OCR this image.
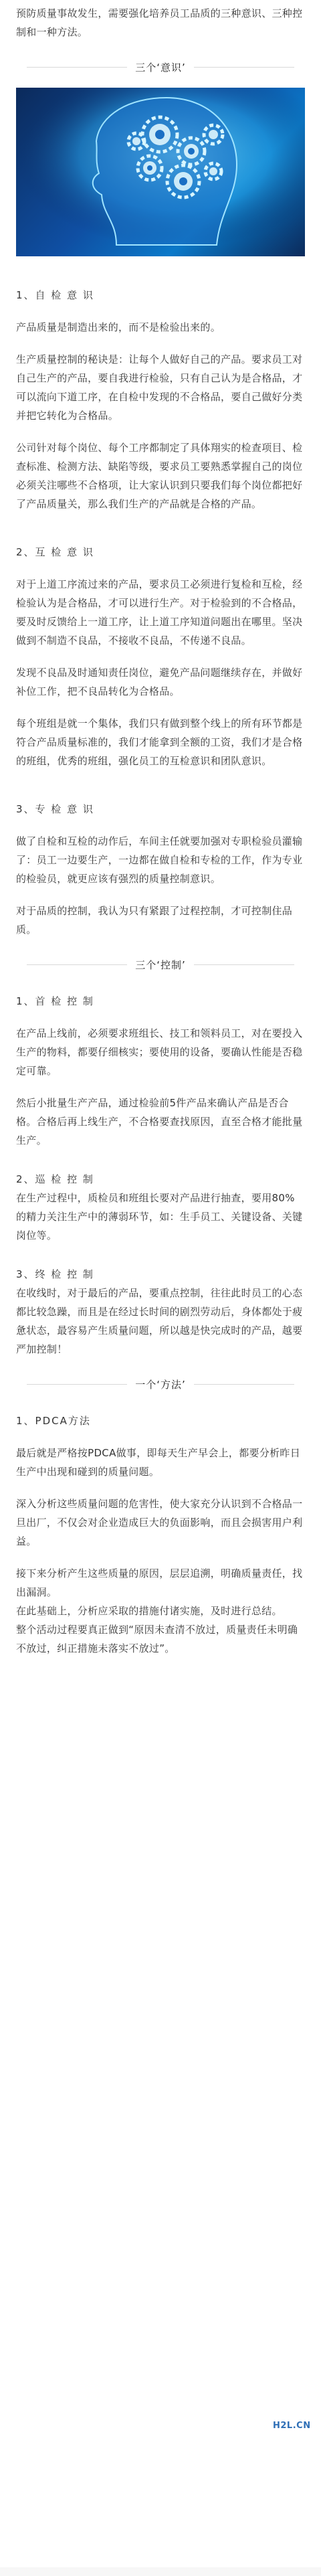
预防质量事故发生，需要强化培养员工品质的三种意识、三种控制和一种方法。

三个‘意识’
1、自 检 意 识

产品质量是制造出来的，而不是检验出来的。

生产质量控制的秘诀是：让每个人做好自己的产品。要求员工对自己生产的产品，要自我进行检验，只有自己认为是合格品，才可以流向下道工序，在自检中发现的不合格品，要自己做好分类并把它转化为合格品。

公司针对每个岗位、每个工序都制定了具体翔实的检查项目、检查标准、检测方法、缺陷等级，要求员工要熟悉掌握自己的岗位必须关注哪些不合格项，让大家认识到只要我们每个岗位都把好了产品质量关，那么我们生产的产品就是合格的产品。

2、互 检 意 识

对于上道工序流过来的产品，要求员工必须进行复检和互检，经检验认为是合格品，才可以进行生产。对于检验到的不合格品，要及时反馈给上一道工序，让上道工序知道问题出在哪里。坚决做到不制造不良品，不接收不良品，不传递不良品。

发现不良品及时通知责任岗位，避免产品问题继续存在，并做好补位工作，把不良品转化为合格品。

每个班组是就一个集体，我们只有做到整个线上的所有环节都是符合产品质量标准的，我们才能拿到全额的工资，我们才是合格的班组，优秀的班组，强化员工的互检意识和团队意识。

3、专 检 意 识

做了自检和互检的动作后，车间主任就要加强对专职检验员灌输了：员工一边要生产，一边都在做自检和专检的工作，作为专业的检验员，就更应该有强烈的质量控制意识。

对于品质的控制，我认为只有紧跟了过程控制，才可控制住品质。

三个‘控制’
1、首 检 控 制

在产品上线前，必须要求班组长、技工和领料员工，对在要投入生产的物料，都要仔细核实；要使用的设备，要确认性能是否稳定可靠。

然后小批量生产产品，通过检验前5件产品来确认产品是否合格。合格后再上线生产，不合格要查找原因，直至合格才能批量生产。

2、巡 检 控 制

在生产过程中，质检员和班组长要对产品进行抽查，要用80%的精力关注生产中的薄弱环节，如：生手员工、关键设备、关键岗位等。

3、终 检 控 制

在收线时，对于最后的产品，要重点控制，往往此时员工的心态都比较急躁，而且是在经过长时间的剧烈劳动后，身体都处于疲惫状态，最容易产生质量问题，所以越是快完成时的产品，越要严加控制！

一个‘方法’
1、PDCA方法

最后就是严格按PDCA做事，即每天生产早会上，都要分析昨日生产中出现和碰到的质量问题。

深入分析这些质量问题的危害性，使大家充分认识到不合格品一旦出厂，不仅会对企业造成巨大的负面影响，而且会损害用户利益。

接下来分析产生这些质量的原因，层层追溯，明确质量责任，找出漏洞。

在此基础上，分析应采取的措施付诸实施，及时进行总结。

整个活动过程要真正做到“原因未查清不放过，质量责任未明确不放过，纠正措施未落实不放过”。

H2L.CN
